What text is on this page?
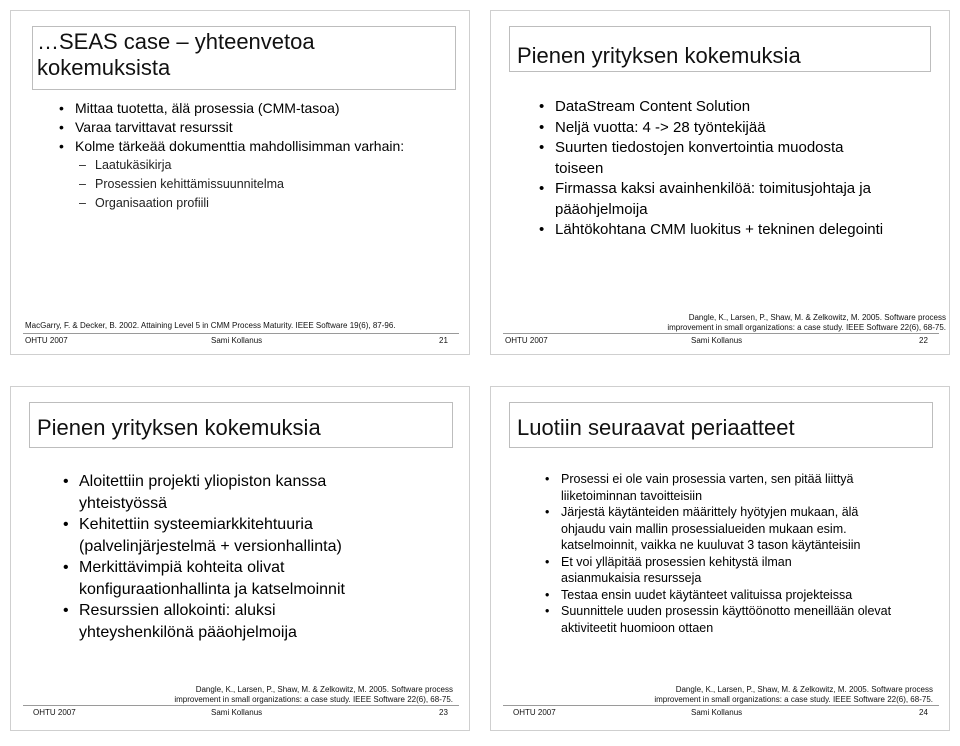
…SEAS case – yhteenvetoa kokemuksista
• Mittaa tuotetta, älä prosessia (CMM-tasoa)
• Varaa tarvittavat resurssit
• Kolme tärkeää dokumenttia mahdollisimman varhain:
– Laatukäsikirja
– Prosessien kehittämissuunnitelma
– Organisaation profiili
MacGarry, F. & Decker, B. 2002. Attaining Level 5 in CMM Process Maturity. IEEE Software 19(6), 87-96.
OHTU 2007	Sami Kollanus	21
Pienen yrityksen kokemuksia
• DataStream Content Solution
• Neljä vuotta: 4 -> 28 työntekijää
• Suurten tiedostojen konvertointia muodosta toiseen
• Firmassa kaksi avainhenkilöä: toimitusjohtaja ja pääohjelmoija
• Lähtökohtana CMM luokitus + tekninen delegointi
Dangle, K., Larsen, P., Shaw, M. & Zelkowitz, M. 2005. Software process improvement in small organizations: a case study. IEEE Software 22(6), 68-75.
OHTU 2007	Sami Kollanus	22
Pienen yrityksen kokemuksia
• Aloitettiin projekti yliopiston kanssa yhteistyössä
• Kehitettiin systeemiarkkitehtuuria (palvelinjärjestelmä + versionhallinta)
• Merkittävimpiä kohteita olivat konfiguraationhallinta ja katselmoinnit
• Resurssien allokointi: aluksi yhteyshenkilönä pääohjelmoija
Dangle, K., Larsen, P., Shaw, M. & Zelkowitz, M. 2005. Software process improvement in small organizations: a case study. IEEE Software 22(6), 68-75.
OHTU 2007	Sami Kollanus	23
Luotiin seuraavat periaatteet
• Prosessi ei ole vain prosessia varten, sen pitää liittyä liiketoiminnan tavoitteisiin
• Järjestä käytänteiden määrittely hyötyjen mukaan, älä ohjaudu vain mallin prosessialueiden mukaan esim. katselmoinnit, vaikka ne kuuluvat 3 tason käytänteisiin
• Et voi ylläpitää prosessien kehitystä ilman asianmukaisia resursseja
• Testaa ensin uudet käytänteet valituissa projekteissa
• Suunnittele uuden prosessin käyttöönotto meneillään olevat aktiviteetit huomioon ottaen
Dangle, K., Larsen, P., Shaw, M. & Zelkowitz, M. 2005. Software process improvement in small organizations: a case study. IEEE Software 22(6), 68-75.
OHTU 2007	Sami Kollanus	24
